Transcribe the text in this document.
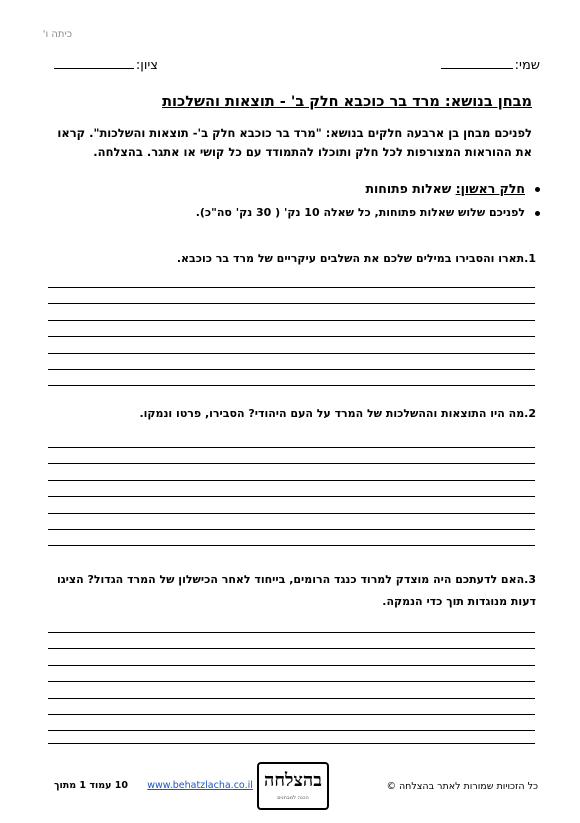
כיתה ו'
שמי:
ציון:
מבחן בנושא: מרד בר כוכבא חלק ב' - תוצאות והשלכות
לפניכם מבחן בן ארבעה חלקים בנושא: "מרד בר כוכבא חלק ב'- תוצאות והשלכות". קראו את ההוראות המצורפות לכל חלק ותוכלו להתמודד עם כל קושי או אתגר. בהצלחה.
חלק ראשון: שאלות פתוחות
לפניכם שלוש שאלות פתוחות, כל שאלה 10 נק' ( 30 נק' סה"כ).
1.תארו והסבירו במילים שלכם את השלבים עיקריים של מרד בר כוכבא.
2.מה היו התוצאות וההשלכות של המרד על העם היהודי? הסבירו, פרטו ונמקו.
3.האם לדעתכם היה מוצדק למרוד כנגד הרומים, בייחוד לאחר הכישלון של המרד הגדול? הציגו דעות מנוגדות תוך כדי הנמקה.
10 עמוד 1 מתוך www.behatzlacha.co.il בהצלחה
הכנה למבחנים
כל הזכויות שמורות לאתר בהצלחה ©
